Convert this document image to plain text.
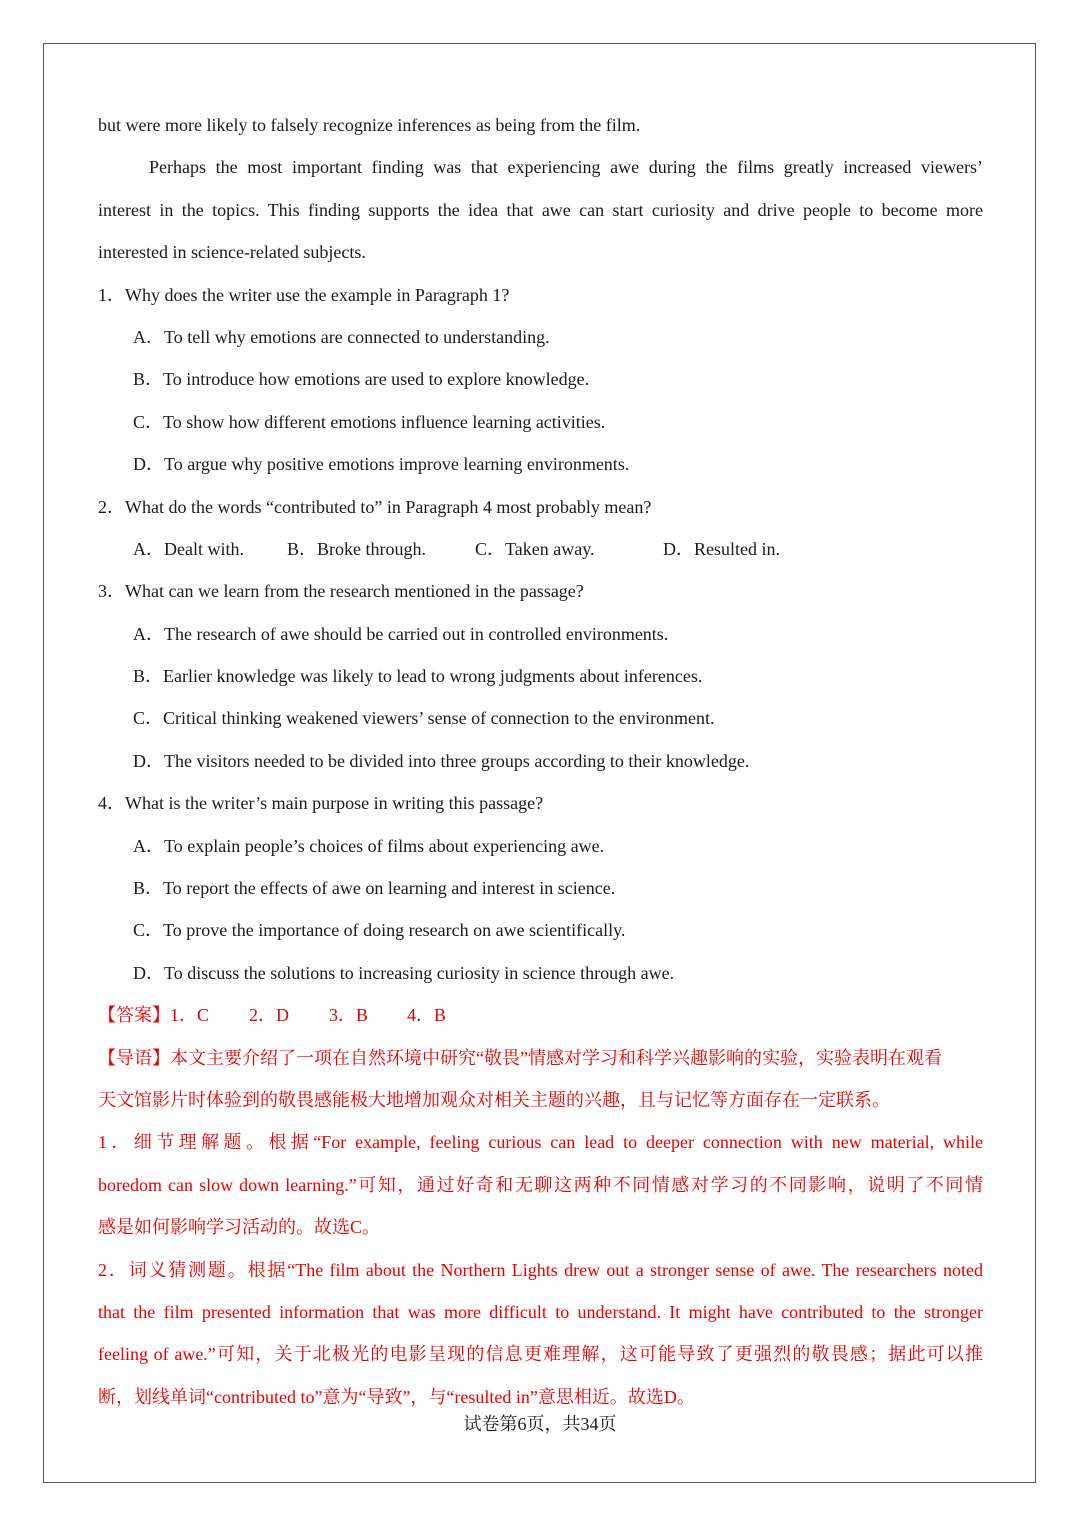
but were more likely to falsely recognize inferences as being from the film.
Perhaps the most important finding was that experiencing awe during the films greatly increased viewers’
interest in the topics. This finding supports the idea that awe can start curiosity and drive people to become more
interested in science-related subjects.
1．Why does the writer use the example in Paragraph 1?
A．To tell why emotions are connected to understanding.
B．To introduce how emotions are used to explore knowledge.
C．To show how different emotions influence learning activities.
D．To argue why positive emotions improve learning environments.
2．What do the words “contributed to” in Paragraph 4 most probably mean?
A．Dealt with. B．Broke through.	C．Taken away.	D．Resulted in.
3．What can we learn from the research mentioned in the passage?
A．The research of awe should be carried out in controlled environments.
B．Earlier knowledge was likely to lead to wrong judgments about inferences.
C．Critical thinking weakened viewers’ sense of connection to the environment.
D．The visitors needed to be divided into three groups according to their knowledge.
4．What is the writer’s main purpose in writing this passage?
A．To explain people’s choices of films about experiencing awe.
B．To report the effects of awe on learning and interest in science.
C．To prove the importance of doing research on awe scientifically.
D．To discuss the solutions to increasing curiosity in science through awe.
【答案】1．C 2．D 3．B 4．B
【导语】本文主要介绍了一项在自然环境中研究“敬畏”情感对学习和科学兴趣影响的实验，实验表明在观看
天文馆影片时体验到的敬畏感能极大地增加观众对相关主题的兴趣，且与记忆等方面存在一定联系。
1．细节理解题。根据“For example, feeling curious can lead to deeper connection with new material, while
boredom can slow down learning.”可知，通过好奇和无聊这两种不同情感对学习的不同影响，说明了不同情
感是如何影响学习活动的。故选C。
2．词义猜测题。根据“The film about the Northern Lights drew out a stronger sense of awe. The researchers noted
that the film presented information that was more difficult to understand. It might have contributed to the stronger
feeling of awe.”可知，关于北极光的电影呈现的信息更难理解，这可能导致了更强烈的敬畏感；据此可以推
断，划线单词“contributed to”意为“导致”，与“resulted in”意思相近。故选D。
试卷第6页，共34页
